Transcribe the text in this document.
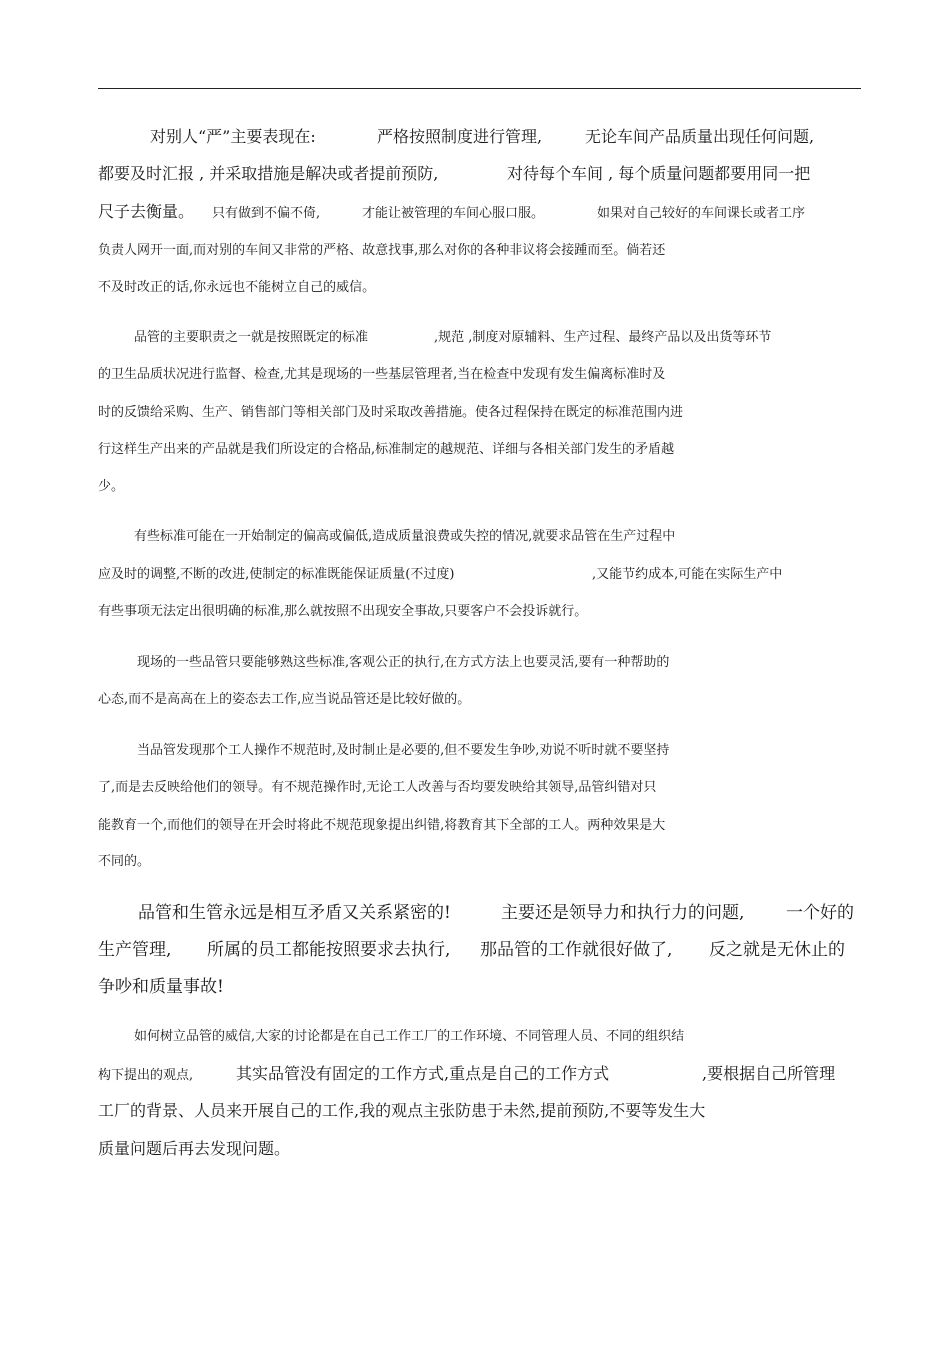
对别人“严”主要表现在:	严格按照制度进行管理,	无论车间产品质量出现任何问题,
都要及时汇报 , 并采取措施是解决或者提前预防,	对待每个车间 , 每个质量问题都要用同一把
尺子去衡量。 只有做到不偏不倚,	才能让被管理的车间心服口服。	如果对自己较好的车间课长或者工序
负责人网开一面,而对别的车间又非常的严格、故意找事,那么对你的各种非议将会接踵而至。倘若还
不及时改正的话,你永远也不能树立自己的威信。
品管的主要职责之一就是按照既定的标准	,规范 ,制度对原辅料、生产过程、最终产品以及出货等环节
的卫生品质状况进行监督、检查,尤其是现场的一些基层管理者,当在检查中发现有发生偏离标准时及
时的反馈给采购、生产、销售部门等相关部门及时采取改善措施。使各过程保持在既定的标准范围内进
行这样生产出来的产品就是我们所设定的合格品,标准制定的越规范、详细与各相关部门发生的矛盾越
少。
有些标准可能在一开始制定的偏高或偏低,造成质量浪费或失控的情况,就要求品管在生产过程中
应及时的调整,不断的改进,使制定的标准既能保证质量(不过度)	,又能节约成本,可能在实际生产中
有些事项无法定出很明确的标准,那么就按照不出现安全事故,只要客户不会投诉就行。
现场的一些品管只要能够熟这些标准,客观公正的执行,在方式方法上也要灵活,要有一种帮助的
心态,而不是高高在上的姿态去工作,应当说品管还是比较好做的。
当品管发现那个工人操作不规范时,及时制止是必要的,但不要发生争吵,劝说不听时就不要坚持
了,而是去反映给他们的领导。有不规范操作时,无论工人改善与否均要发映给其领导,品管纠错对只
能教育一个,而他们的领导在开会时将此不规范现象提出纠错,将教育其下全部的工人。两种效果是大
不同的。
品管和生管永远是相互矛盾又关系紧密的!	主要还是领导力和执行力的问题, 一个好的
生产管理, 所属的员工都能按照要求去执行, 那品管的工作就很好做了, 反之就是无休止的
争吵和质量事故!
如何树立品管的威信,大家的讨论都是在自己工作工厂的工作环境、不同管理人员、不同的组织结
构下提出的观点,	其实品管没有固定的工作方式,重点是自己的工作方式	,要根据自己所管理
工厂的背景、人员来开展自己的工作,我的观点主张防患于未然,提前预防,不要等发生大
质量问题后再去发现问题。
